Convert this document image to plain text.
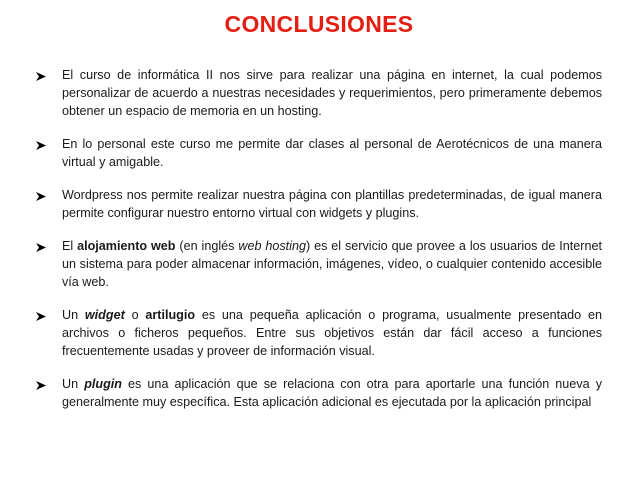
CONCLUSIONES
El curso de informática II nos sirve para realizar una página en internet, la cual podemos personalizar de acuerdo a nuestras necesidades y requerimientos, pero primeramente debemos obtener un espacio de memoria en un hosting.
En lo personal este curso me permite dar clases al personal de Aerotécnicos de una manera virtual y amigable.
Wordpress nos permite realizar nuestra página con plantillas predeterminadas, de igual manera permite configurar nuestro entorno virtual con widgets y plugins.
El alojamiento web (en inglés web hosting) es el servicio que provee a los usuarios de Internet un sistema para poder almacenar información, imágenes, vídeo, o cualquier contenido accesible vía web.
Un widget o artilugio es una pequeña aplicación o programa, usualmente presentado en archivos o ficheros pequeños. Entre sus objetivos están dar fácil acceso a funciones frecuentemente usadas y proveer de información visual.
Un plugin es una aplicación que se relaciona con otra para aportarle una función nueva y generalmente muy específica. Esta aplicación adicional es ejecutada por la aplicación principal
